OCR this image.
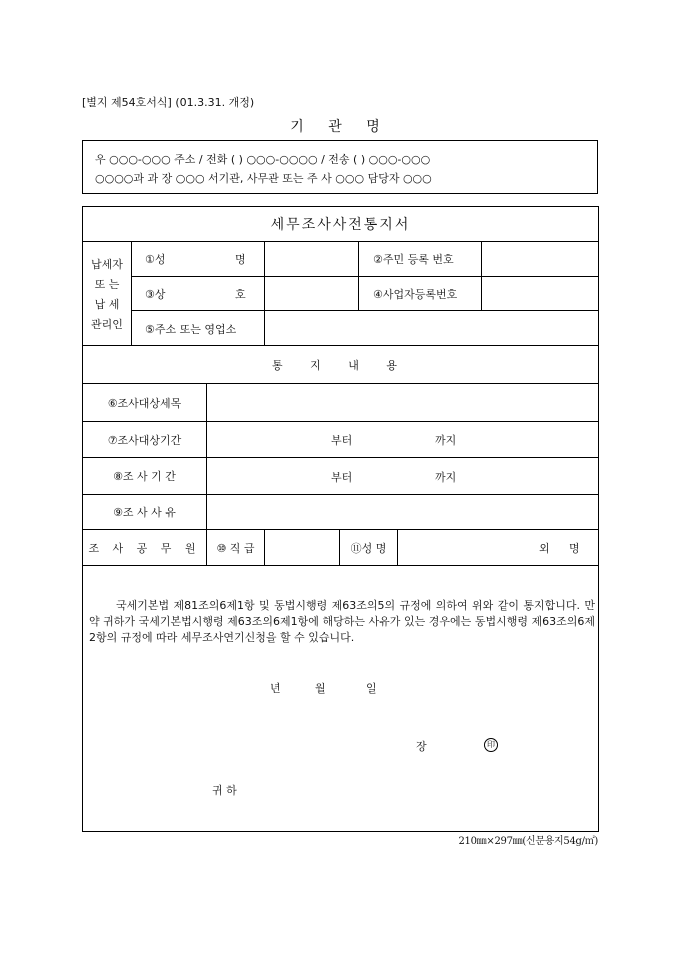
[별지 제54호서식] (01.3.31. 개정)
기 관 명
우 ○○○-○○○ 주소 / 전화 ( ) ○○○-○○○○ / 전송 ( ) ○○○-○○○
○○○○과 과 장 ○○○ 서기관, 사무관 또는 주 사 ○○○ 담당자 ○○○
세무조사사전통지서
납세자
또 는
납 세
관리인
①성	명	②주민 등록 번호
③상	호	④사업자등록번호
⑤주소 또는 영업소
통 지 내 용
⑥조사대상세목
⑦조사대상기간	부터	까지
⑧조 사 기 간	부터	까지
⑨조 사 사 유
조 사 공 무 원 ⑩ 직 급	⑪성 명	외 명
년	월	일
장	印
귀 하
국세기본법 제81조의6제1항 및 동법시행령 제63조의5의 규정에 의하여 위와 같이 통지합니다. 만약 귀하가 국세기본법시행령 제63조의6제1항에 해당하는 사유가 있는 경우에는 동법시행령 제63조의6제2항의 규정에 따라 세무조사연기신청을 할 수 있습니다.
210㎜×297㎜(신문용지54g/㎡)
